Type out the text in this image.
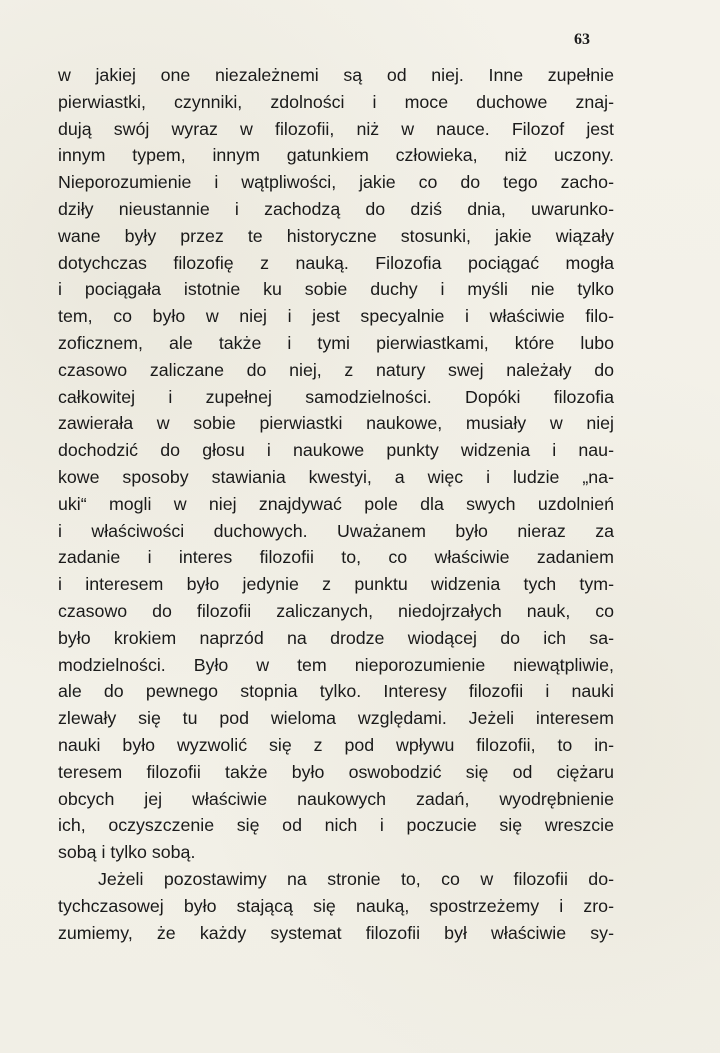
63
w jakiej one niezależnemi są od niej. Inne zupełnie
pierwiastki, czynniki, zdolności i moce duchowe znaj-
dują swój wyraz w filozofii, niż w nauce. Filozof jest
innym typem, innym gatunkiem człowieka, niż uczony.
Nieporozumienie i wątpliwości, jakie co do tego zacho-
dziły nieustannie i zachodzą do dziś dnia, uwarunko-
wane były przez te historyczne stosunki, jakie wiązały
dotychczas filozofię z nauką. Filozofia pociągać mogła
i pociągała istotnie ku sobie duchy i myśli nie tylko
tem, co było w niej i jest specyalnie i właściwie filo-
zoficznem, ale także i tymi pierwiastkami, które lubo
czasowo zaliczane do niej, z natury swej należały do
całkowitej i zupełnej samodzielności. Dopóki filozofia
zawierała w sobie pierwiastki naukowe, musiały w niej
dochodzić do głosu i naukowe punkty widzenia i nau-
kowe sposoby stawiania kwestyi, a więc i ludzie „na-
uki“ mogli w niej znajdywać pole dla swych uzdolnień
i właściwości duchowych. Uważanem było nieraz za
zadanie i interes filozofii to, co właściwie zadaniem
i interesem było jedynie z punktu widzenia tych tym-
czasowo do filozofii zaliczanych, niedojrzałych nauk, co
było krokiem naprzód na drodze wiodącej do ich sa-
modzielności. Było w tem nieporozumienie niewątpliwie,
ale do pewnego stopnia tylko. Interesy filozofii i nauki
zlewały się tu pod wieloma względami. Jeżeli interesem
nauki było wyzwolić się z pod wpływu filozofii, to in-
teresem filozofii także było oswobodzić się od ciężaru
obcych jej właściwie naukowych zadań, wyodrębnienie
ich, oczyszczenie się od nich i poczucie się wreszcie
sobą i tylko sobą.
Jeżeli pozostawimy na stronie to, co w filozofii do-
tychczasowej było stającą się nauką, spostrzeżemy i zro-
zumiemy, że każdy systemat filozofii był właściwie sy-
